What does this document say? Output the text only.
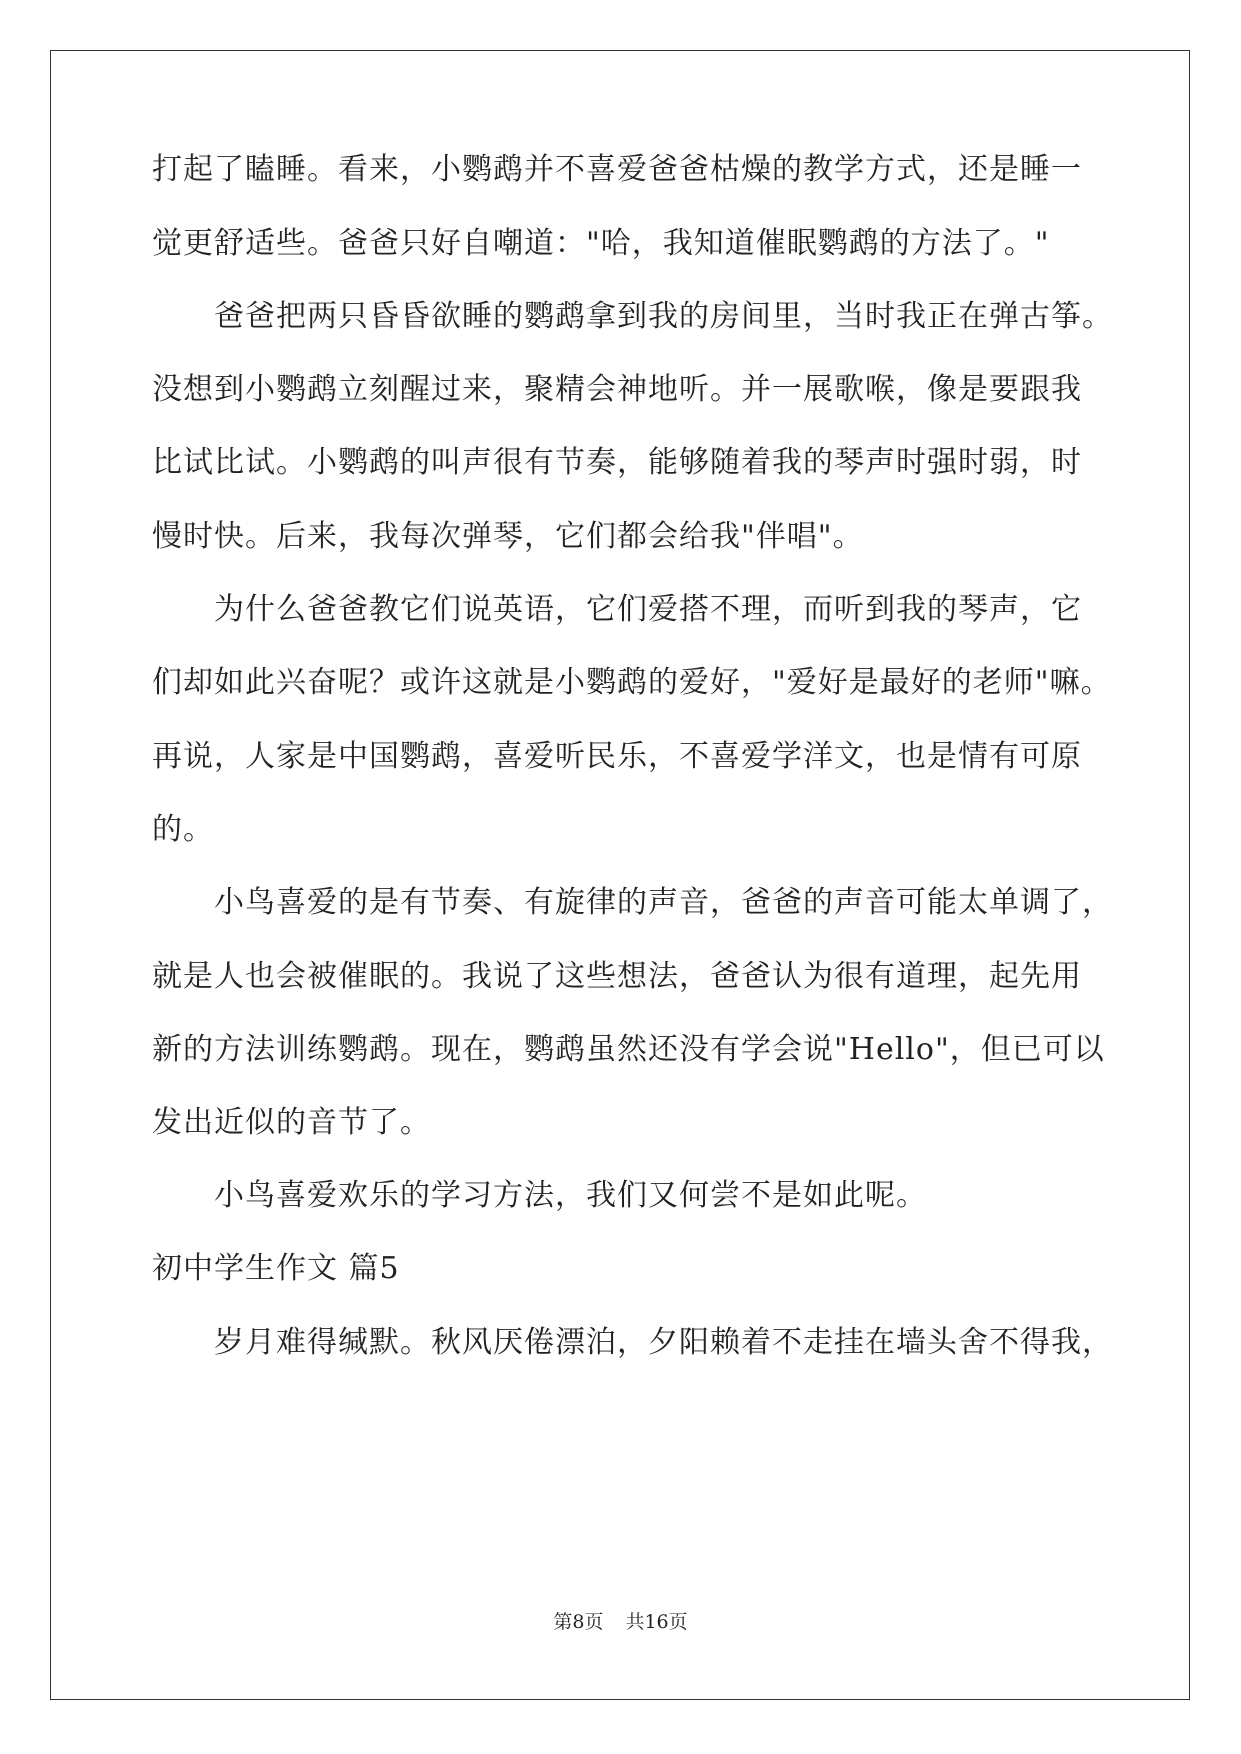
打起了瞌睡。看来，小鹦鹉并不喜爱爸爸枯燥的教学方式，还是睡一
觉更舒适些。爸爸只好自嘲道："哈，我知道催眠鹦鹉的方法了。"
爸爸把两只昏昏欲睡的鹦鹉拿到我的房间里，当时我正在弹古筝。
没想到小鹦鹉立刻醒过来，聚精会神地听。并一展歌喉，像是要跟我
比试比试。小鹦鹉的叫声很有节奏，能够随着我的琴声时强时弱，时
慢时快。后来，我每次弹琴，它们都会给我"伴唱"。
为什么爸爸教它们说英语，它们爱搭不理，而听到我的琴声，它
们却如此兴奋呢？或许这就是小鹦鹉的爱好，"爱好是最好的老师"嘛。
再说，人家是中国鹦鹉，喜爱听民乐，不喜爱学洋文，也是情有可原
的。
小鸟喜爱的是有节奏、有旋律的声音，爸爸的声音可能太单调了，
就是人也会被催眠的。我说了这些想法，爸爸认为很有道理，起先用
新的方法训练鹦鹉。现在，鹦鹉虽然还没有学会说"Hello"，但已可以
发出近似的音节了。
小鸟喜爱欢乐的学习方法，我们又何尝不是如此呢。
初中学生作文 篇5
岁月难得缄默。秋风厌倦漂泊，夕阳赖着不走挂在墙头舍不得我，
第8页 共16页
